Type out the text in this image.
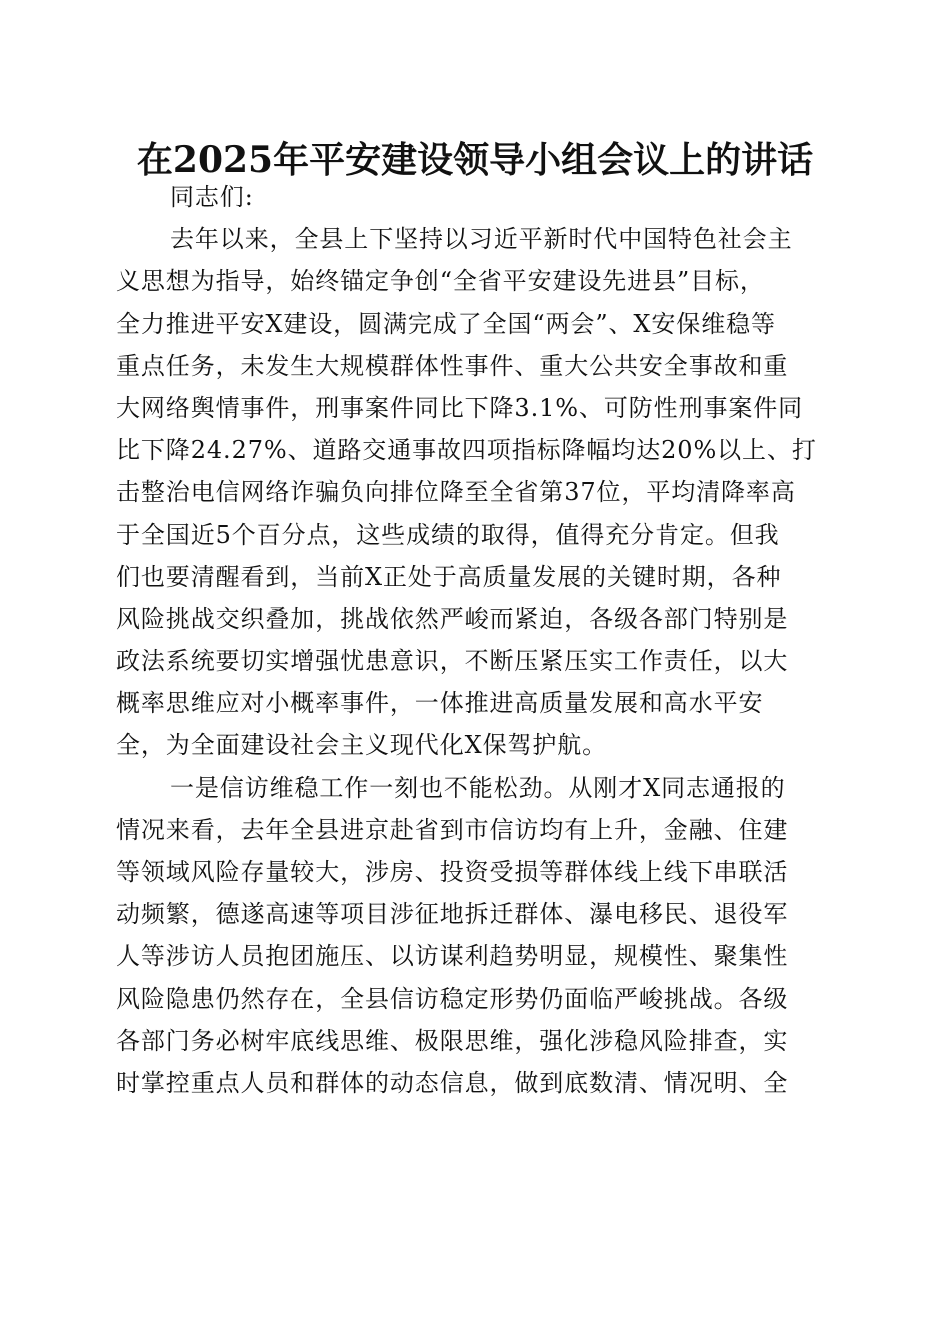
在2025年平安建设领导小组会议上的讲话
同志们:
去年以来，全县上下坚持以习近平新时代中国特色社会主
义思想为指导，始终锚定争创“全省平安建设先进县”目标，
全力推进平安X建设，圆满完成了全国“两会”、X安保维稳等
重点任务，未发生大规模群体性事件、重大公共安全事故和重
大网络舆情事件，刑事案件同比下降3.1%、可防性刑事案件同
比下降24.27%、道路交通事故四项指标降幅均达20%以上、打
击整治电信网络诈骗负向排位降至全省第37位，平均清降率高
于全国近5个百分点，这些成绩的取得，值得充分肯定。但我
们也要清醒看到，当前X正处于高质量发展的关键时期，各种
风险挑战交织叠加，挑战依然严峻而紧迫，各级各部门特别是
政法系统要切实增强忧患意识，不断压紧压实工作责任，以大
概率思维应对小概率事件，一体推进高质量发展和高水平安
全，为全面建设社会主义现代化X保驾护航。
一是信访维稳工作一刻也不能松劲。从刚才X同志通报的
情况来看，去年全县进京赴省到市信访均有上升，金融、住建
等领域风险存量较大，涉房、投资受损等群体线上线下串联活
动频繁，德遂高速等项目涉征地拆迁群体、瀑电移民、退役军
人等涉访人员抱团施压、以访谋利趋势明显，规模性、聚集性
风险隐患仍然存在，全县信访稳定形势仍面临严峻挑战。各级
各部门务必树牢底线思维、极限思维，强化涉稳风险排查，实
时掌控重点人员和群体的动态信息，做到底数清、情况明、全
